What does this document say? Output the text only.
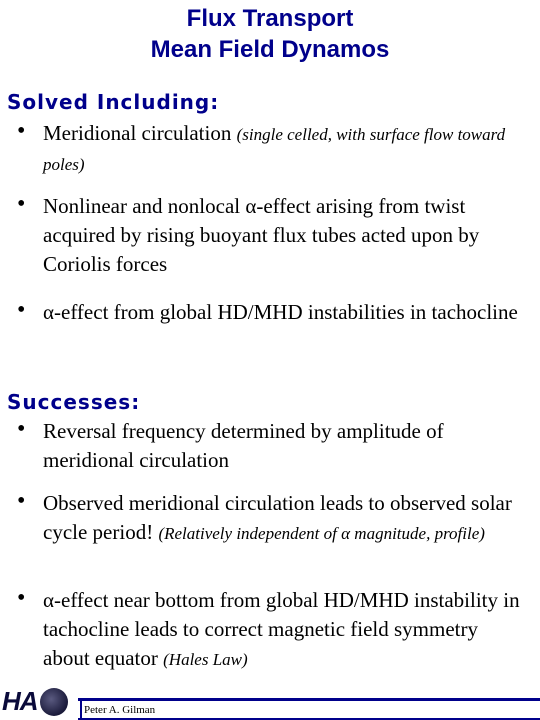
Flux Transport
Mean Field Dynamos
Solved Including:
• Meridional circulation (single celled, with surface flow toward poles)
• Nonlinear and nonlocal α-effect arising from twist acquired by rising buoyant flux tubes acted upon by Coriolis forces
• α-effect from global HD/MHD instabilities in tachocline
Successes:
• Reversal frequency determined by amplitude of meridional circulation
• Observed meridional circulation leads to observed solar cycle period! (Relatively independent of α magnitude, profile)
• α-effect near bottom from global HD/MHD instability in tachocline leads to correct magnetic field symmetry about equator (Hales Law)
HA	Peter A. Gilman
